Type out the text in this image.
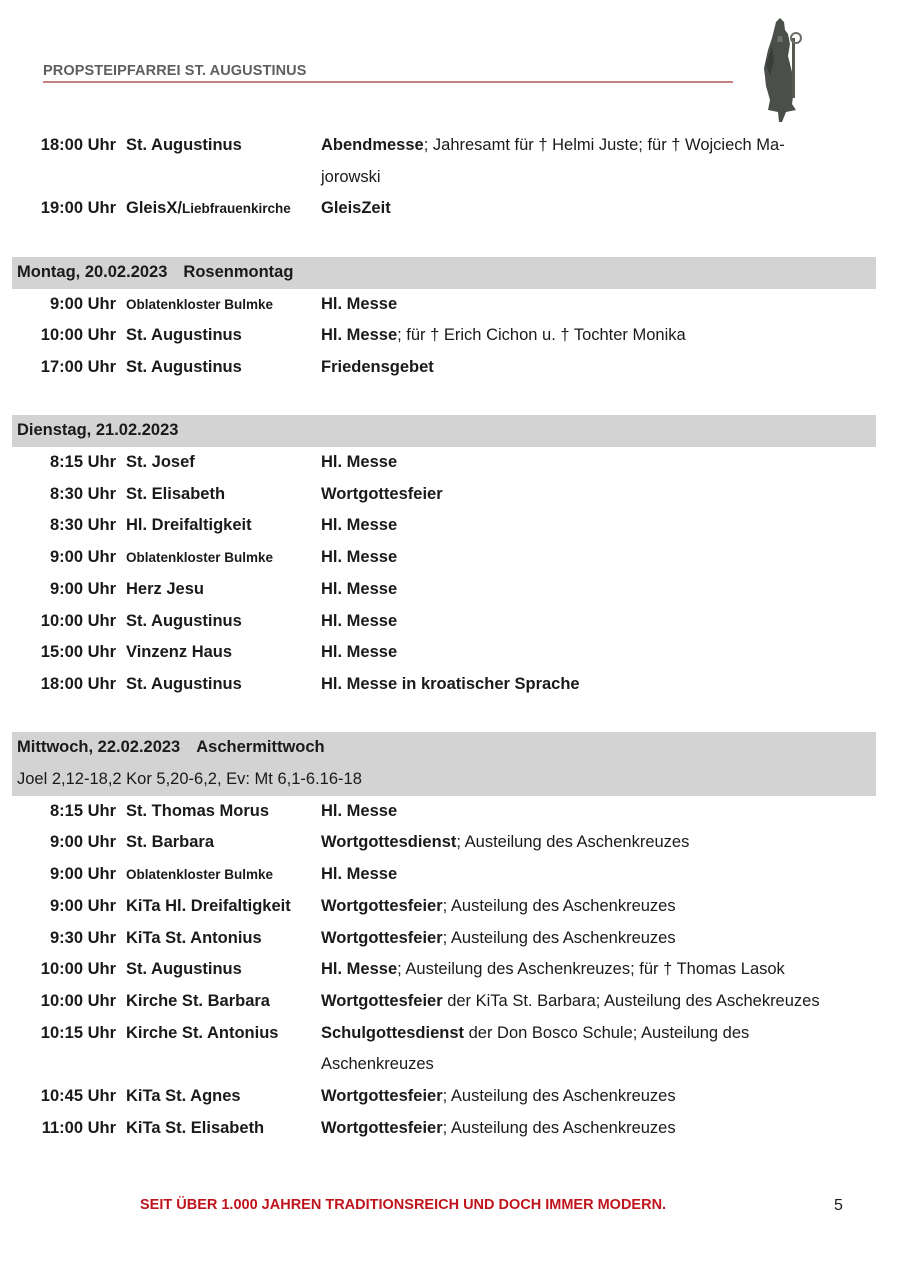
PROPSTEIPFARREI ST. AUGUSTINUS
18:00 Uhr St. Augustinus	Abendmesse; Jahresamt für † Helmi Juste; für † Wojciech Ma-
jorowski
19:00 Uhr GleisX/Liebfrauenkirche	GleisZeit
Montag, 20.02.2023 Rosenmontag
9:00 Uhr Oblatenkloster Bulmke	Hl. Messe
10:00 Uhr St. Augustinus	Hl. Messe; für † Erich Cichon u. † Tochter Monika
17:00 Uhr St. Augustinus	Friedensgebet
Dienstag, 21.02.2023
8:15 Uhr St. Josef	Hl. Messe
8:30 Uhr St. Elisabeth	Wortgottesfeier
8:30 Uhr Hl. Dreifaltigkeit	Hl. Messe
9:00 Uhr Oblatenkloster Bulmke	Hl. Messe
9:00 Uhr Herz Jesu	Hl. Messe
10:00 Uhr St. Augustinus	Hl. Messe
15:00 Uhr Vinzenz Haus	Hl. Messe
18:00 Uhr St. Augustinus	Hl. Messe in kroatischer Sprache
Mittwoch, 22.02.2023 Aschermittwoch
Joel 2,12-18,2 Kor 5,20-6,2, Ev: Mt 6,1-6.16-18
8:15 Uhr St. Thomas Morus	Hl. Messe
9:00 Uhr St. Barbara	Wortgottesdienst; Austeilung des Aschenkreuzes
9:00 Uhr Oblatenkloster Bulmke	Hl. Messe
9:00 Uhr KiTa Hl. Dreifaltigkeit	Wortgottesfeier; Austeilung des Aschenkreuzes
9:30 Uhr KiTa St. Antonius	Wortgottesfeier; Austeilung des Aschenkreuzes
10:00 Uhr St. Augustinus	Hl. Messe; Austeilung des Aschenkreuzes; für † Thomas Lasok
10:00 Uhr Kirche St. Barbara	Wortgottesfeier der KiTa St. Barbara; Austeilung des Aschekreuzes
10:15 Uhr Kirche St. Antonius	Schulgottesdienst der Don Bosco Schule; Austeilung des Aschenkreuzes
10:45 Uhr KiTa St. Agnes	Wortgottesfeier; Austeilung des Aschenkreuzes
11:00 Uhr KiTa St. Elisabeth	Wortgottesfeier; Austeilung des Aschenkreuzes
SEIT ÜBER 1.000 JAHREN TRADITIONSREICH UND DOCH IMMER MODERN.	5
